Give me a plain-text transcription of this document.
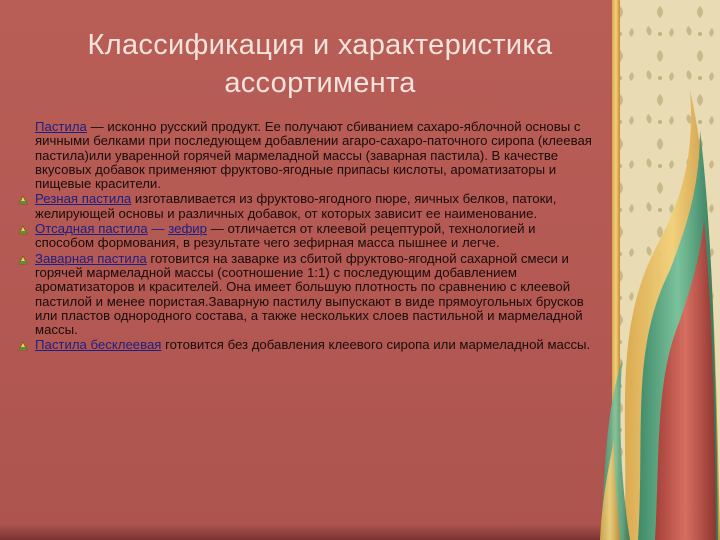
Классификация и характеристика
ассортимента
Пастила — исконно русский продукт. Ее получают сбиванием сахаро-яблочной основы с яичными белками при последующем добавлении агаро-сахаро-паточного сиропа (клеевая пастила)или уваренной горячей мармеладной массы (заварная пастила). В качестве вкусовых добавок применяют фруктово-ягодные припасы кислоты, ароматизаторы и пищевые красители.
Резная пастила изготавливается из фруктово-ягодного пюре, яичных белков, патоки, желирующей основы и различных добавок, от которых зависит ее наименование.
Отсадная пастила — зефир — отличается от клеевой рецептурой, технологией и способом формования, в результате чего зефирная масса пышнее и легче.
Заварная пастила готовится на заварке из сбитой фруктово-ягодной сахарной смеси и горячей мармеладной массы (соотношение 1:1) с последующим добавлением ароматизаторов и красителей. Она имеет большую плотность по сравнению с клеевой пастилой и менее пористая.Заварную пастилу выпускают в виде прямоугольных брусков или пластов однородного состава, а также нескольких слоев пастильной и мармеладной массы.
Пастила бесклеевая готовится без добавления клеевого сиропа или мармеладной массы.
